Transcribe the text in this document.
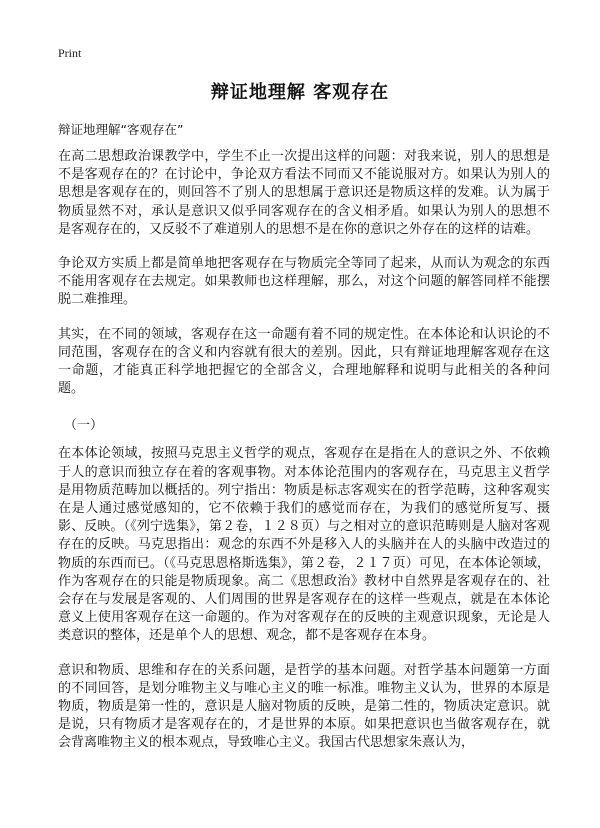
Print
辩证地理解 客观存在
辩证地理解“客观存在”

在高二思想政治课教学中，学生不止一次提出这样的问题：对我来说，别人的思想是不是客观存在的？在讨论中，争论双方看法不同而又不能说服对方。如果认为别人的思想是客观存在的，则回答不了别人的思想属于意识还是物质这样的发难。认为属于物质显然不对，承认是意识又似乎同客观存在的含义相矛盾。如果认为别人的思想不是客观存在的，又反驳不了难道别人的思想不是在你的意识之外存在的这样的诘难。

争论双方实质上都是简单地把客观存在与物质完全等同了起来，从而认为观念的东西不能用客观存在去规定。如果教师也这样理解，那么，对这个问题的解答同样不能摆脱二难推理。

其实，在不同的领域，客观存在这一命题有着不同的规定性。在本体论和认识论的不同范围，客观存在的含义和内容就有很大的差别。因此，只有辩证地理解客观存在这一命题，才能真正科学地把握它的全部含义，合理地解释和说明与此相关的各种问题。

（一）

在本体论领域，按照马克思主义哲学的观点，客观存在是指在人的意识之外、不依赖于人的意识而独立存在着的客观事物。对本体论范围内的客观存在，马克思主义哲学是用物质范畴加以概括的。列宁指出：物质是标志客观实在的哲学范畴，这种客观实在是人通过感觉感知的，它不依赖于我们的感觉而存在，为我们的感觉所复写、摄影、反映。（《列宁选集》，第２卷，１２８页）与之相对立的意识范畴则是人脑对客观存在的反映。马克思指出：观念的东西不外是移入人的头脑并在人的头脑中改造过的物质的东西而已。（《马克思恩格斯选集》，第２卷，２１７页）可见，在本体论领域，作为客观存在的只能是物质现象。高二《思想政治》教材中自然界是客观存在的、社会存在与发展是客观的、人们周围的世界是客观存在的这样一些观点，就是在本体论意义上使用客观存在这一命题的。作为对客观存在的反映的主观意识现象，无论是人类意识的整体，还是单个人的思想、观念，都不是客观存在本身。

意识和物质、思维和存在的关系问题，是哲学的基本问题。对哲学基本问题第一方面的不同回答，是划分唯物主义与唯心主义的唯一标准。唯物主义认为，世界的本原是物质，物质是第一性的，意识是人脑对物质的反映，是第二性的，物质决定意识。就是说，只有物质才是客观存在的，才是世界的本原。如果把意识也当做客观存在，就会背离唯物主义的根本观点，导致唯心主义。我国古代思想家朱熹认为，
